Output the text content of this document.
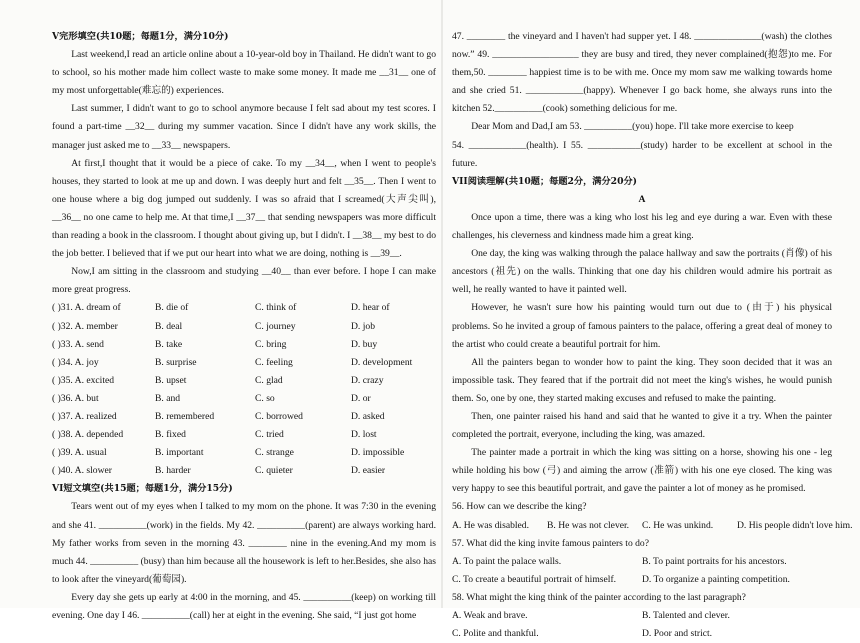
V完形填空(共10题；每题1分，满分10分)

Last weekend,I read an article online about a 10-year-old boy in Thailand. He didn't want to go to school, so his mother made him collect waste to make some money. It made me __31__ one of my most unforgettable(难忘的) experiences.

Last summer, I didn't want to go to school anymore because I felt sad about my test scores. I found a part-time __32__ during my summer vacation. Since I didn't have any work skills, the manager just asked me to __33__ newspapers.

At first,I thought that it would be a piece of cake. To my __34__, when I went to people's houses, they started to look at me up and down. I was deeply hurt and felt __35__. Then I went to one house where a big dog jumped out suddenly. I was so afraid that I screamed(大声尖叫), __36__ no one came to help me. At that time,I __37__ that sending newspapers was more difficult than reading a book in the classroom. I thought about giving up, but I didn't. I __38__ my best to do the job better. I believed that if we put our heart into what we are doing, nothing is __39__.

Now,I am sitting in the classroom and studying __40__ than ever before. I hope I can make more great progress.

( )31. A. dream of	B. die of	C. think of	D. hear of
( )32. A. member	B. deal	C. journey	D. job
( )33. A. send	B. take	C. bring	D. buy
( )34. A. joy	B. surprise	C. feeling	D. development
( )35. A. excited	B. upset	C. glad	D. crazy
( )36. A. but	B. and	C. so	D. or
( )37. A. realized	B. remembered	C. borrowed	D. asked
( )38. A. depended	B. fixed	C. tried	D. lost
( )39. A. usual	B. important	C. strange	D. impossible
( )40. A. slower	B. harder	C. quieter	D. easier

VI短文填空(共15题；每题1分，满分15分)

Tears went out of my eyes when I talked to my mom on the phone. It was 7:30 in the evening and she 41. __________(work) in the fields. My 42. __________(parent) are always working hard. My father works from seven in the morning 43. ________ nine in the evening.And my mom is much 44. __________ (busy) than him because all the housework is left to her.Besides, she also has to look after the vineyard(葡萄园).

Every day she gets up early at 4:00 in the morning, and 45. __________(keep) on working till evening. One day I 46. __________(call) her at eight in the evening. She said, “I just got home

47. ________ the vineyard and I haven't had supper yet. I 48. ______________(wash) the clothes now.” 49. __________________ they are busy and tired, they never complained(抱怨)to me. For them,50. ________ happiest time is to be with me. Once my mom saw me walking towards home and she cried 51. ____________(happy). Whenever I go back home, she always runs into the kitchen 52.__________(cook) something delicious for me.

Dear Mom and Dad,I am 53. __________(you) hope. I'll take more exercise to keep

54. ____________(health). I 55. ___________(study) harder to be excellent at school in the future.

VII阅读理解(共10题；每题2分，满分20分)

A

Once upon a time, there was a king who lost his leg and eye during a war. Even with these challenges, his cleverness and kindness made him a great king.

One day, the king was walking through the palace hallway and saw the portraits (肖像) of his ancestors (祖先) on the walls. Thinking that one day his children would admire his portrait as well, he really wanted to have it painted well.

However, he wasn't sure how his painting would turn out due to (由于) his physical problems. So he invited a group of famous painters to the palace, offering a great deal of money to the artist who could create a beautiful portrait for him.

All the painters began to wonder how to paint the king. They soon decided that it was an impossible task. They feared that if the portrait did not meet the king's wishes, he would punish them. So, one by one, they started making excuses and refused to make the painting.

Then, one painter raised his hand and said that he wanted to give it a try. When the painter completed the portrait, everyone, including the king, was amazed.

The painter made a portrait in which the king was sitting on a horse, showing his one - leg while holding his bow (弓) and aiming the arrow (准箭) with his one eye closed. The king was very happy to see this beautiful portrait, and gave the painter a lot of money as he promised.

56. How can we describe the king?

A. He was disabled.	B. He was not clever.	C. He was unkind.	D. His people didn't love him.

57. What did the king invite famous painters to do?

A. To paint the palace walls.	B. To paint portraits for his ancestors.
C. To create a beautiful portrait of himself.	D. To organize a painting competition.

58. What might the king think of the painter according to the last paragraph?

A. Weak and brave.	B. Talented and clever.
C. Polite and thankful.	D. Poor and strict.
